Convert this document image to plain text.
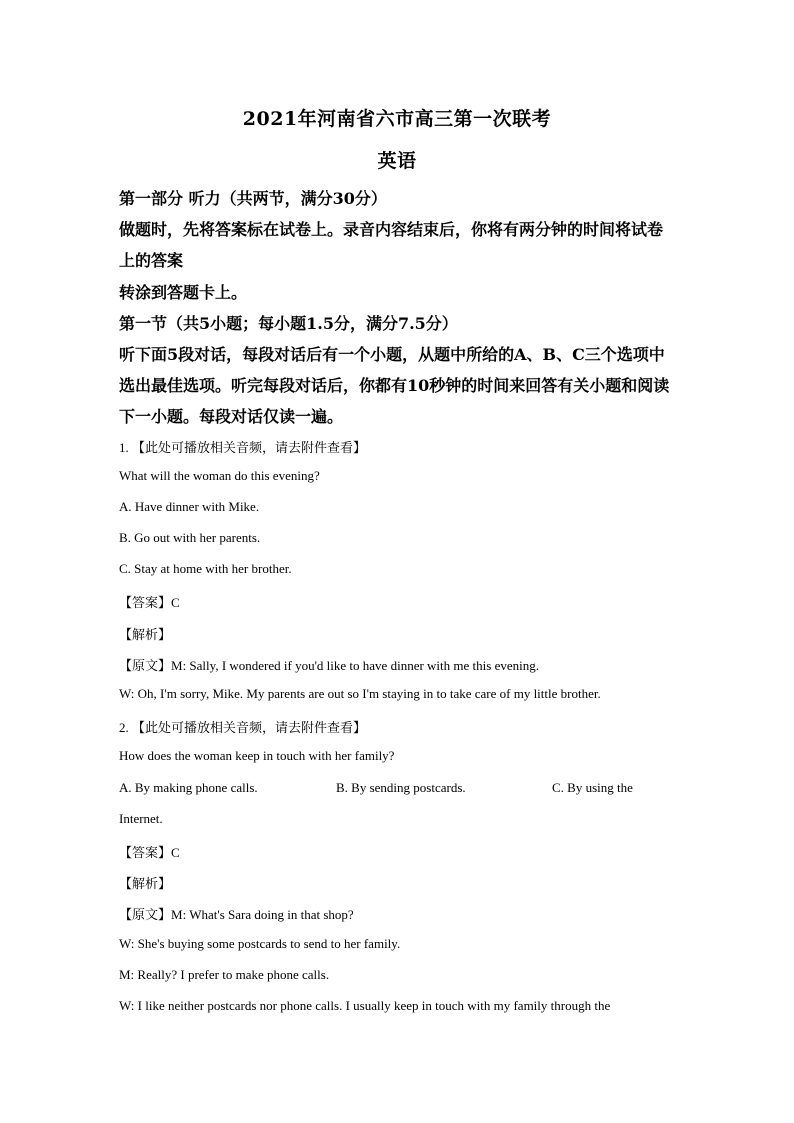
2021年河南省六市高三第一次联考
英语
第一部分 听力（共两节，满分30分）
做题时，先将答案标在试卷上。录音内容结束后，你将有两分钟的时间将试卷
上的答案
转涂到答题卡上。
第一节（共5小题；每小题1.5分，满分7.5分）
听下面5段对话，每段对话后有一个小题，从题中所给的A、B、C三个选项中
选出最佳选项。听完每段对话后，你都有10秒钟的时间来回答有关小题和阅读
下一小题。每段对话仅读一遍。
1. 【此处可播放相关音频，请去附件查看】
What will the woman do this evening?
A. Have dinner with Mike.
B. Go out with her parents.
C. Stay at home with her brother.
【答案】C
【解析】
【原文】M: Sally, I wondered if you'd like to have dinner with me this evening.
W: Oh, I'm sorry, Mike. My parents are out so I'm staying in to take care of my little brother.
2. 【此处可播放相关音频，请去附件查看】
How does the woman keep in touch with her family?
A. By making phone calls.	B. By sending postcards.	C. By using the
Internet.
【答案】C
【解析】
【原文】M: What's Sara doing in that shop?
W: She's buying some postcards to send to her family.
M: Really? I prefer to make phone calls.
W: I like neither postcards nor phone calls. I usually keep in touch with my family through the
